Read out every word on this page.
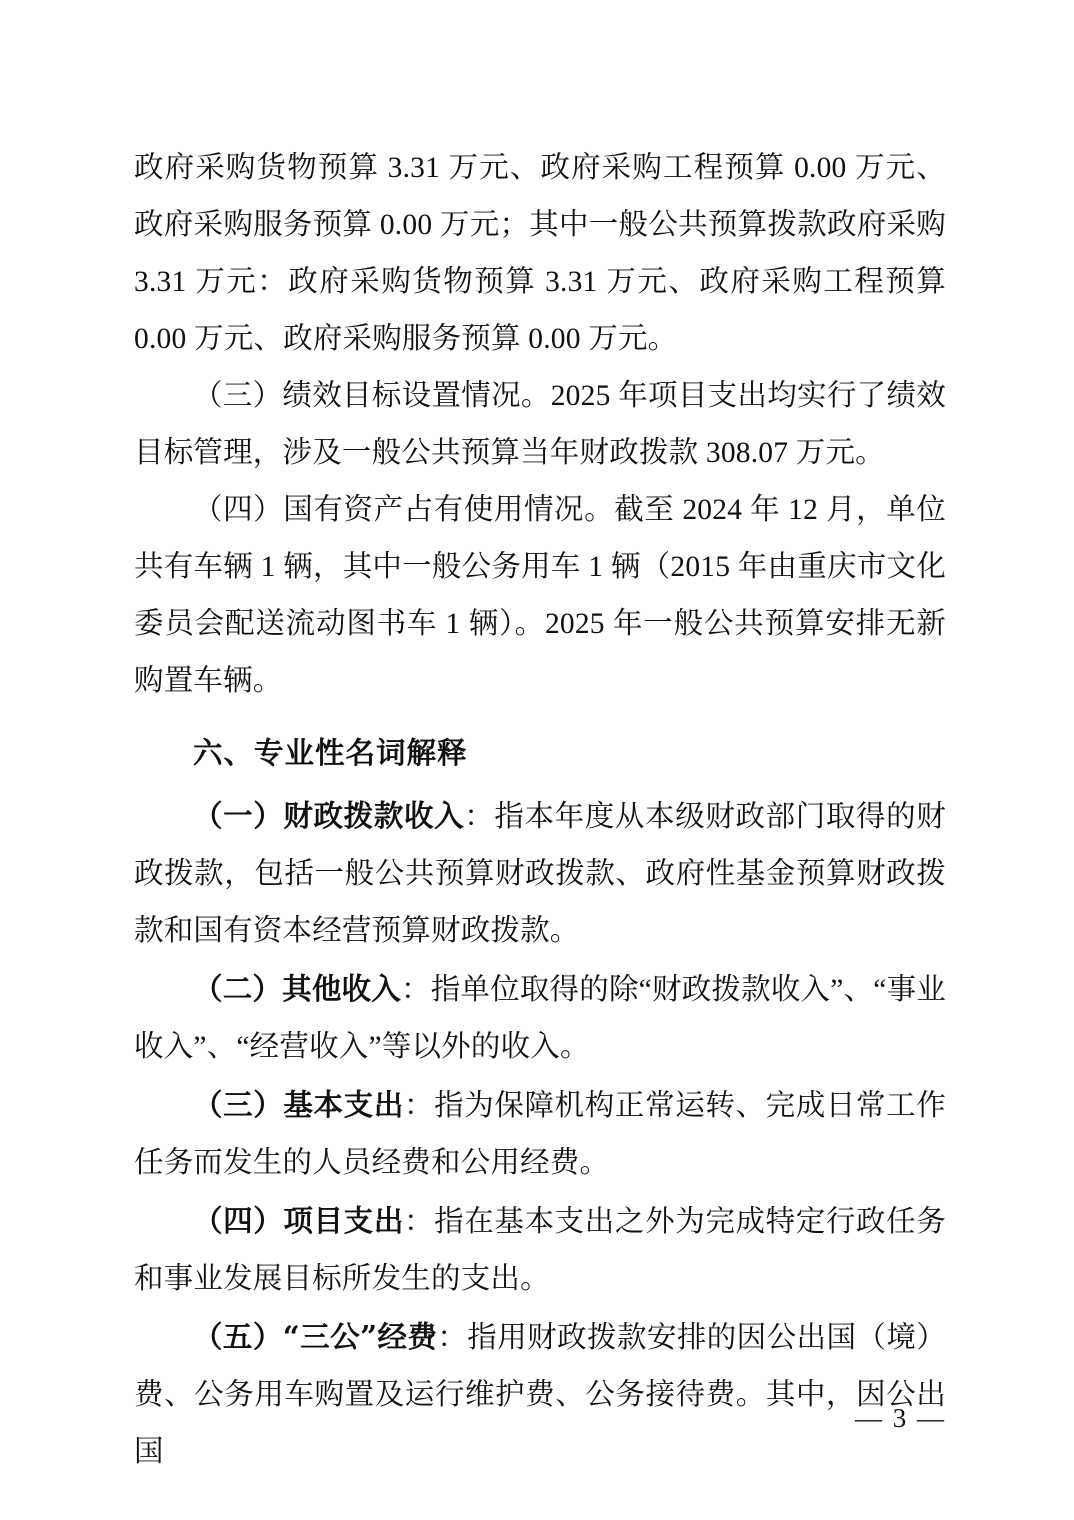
政府采购货物预算 3.31 万元、政府采购工程预算 0.00 万元、政府采购服务预算 0.00 万元；其中一般公共预算拨款政府采购 3.31 万元：政府采购货物预算 3.31 万元、政府采购工程预算 0.00 万元、政府采购服务预算 0.00 万元。

（三）绩效目标设置情况。2025 年项目支出均实行了绩效目标管理，涉及一般公共预算当年财政拨款 308.07 万元。

（四）国有资产占有使用情况。截至 2024 年 12 月，单位共有车辆 1 辆，其中一般公务用车 1 辆（2015 年由重庆市文化委员会配送流动图书车 1 辆）。2025 年一般公共预算安排无新购置车辆。

六、专业性名词解释

（一）财政拨款收入：指本年度从本级财政部门取得的财政拨款，包括一般公共预算财政拨款、政府性基金预算财政拨款和国有资本经营预算财政拨款。

（二）其他收入：指单位取得的除“财政拨款收入”、“事业收入”、“经营收入”等以外的收入。

（三）基本支出：指为保障机构正常运转、完成日常工作任务而发生的人员经费和公用经费。

（四）项目支出：指在基本支出之外为完成特定行政任务和事业发展目标所发生的支出。

（五）“三公”经费：指用财政拨款安排的因公出国（境）费、公务用车购置及运行维护费、公务接待费。其中，因公出国

— 3 —
